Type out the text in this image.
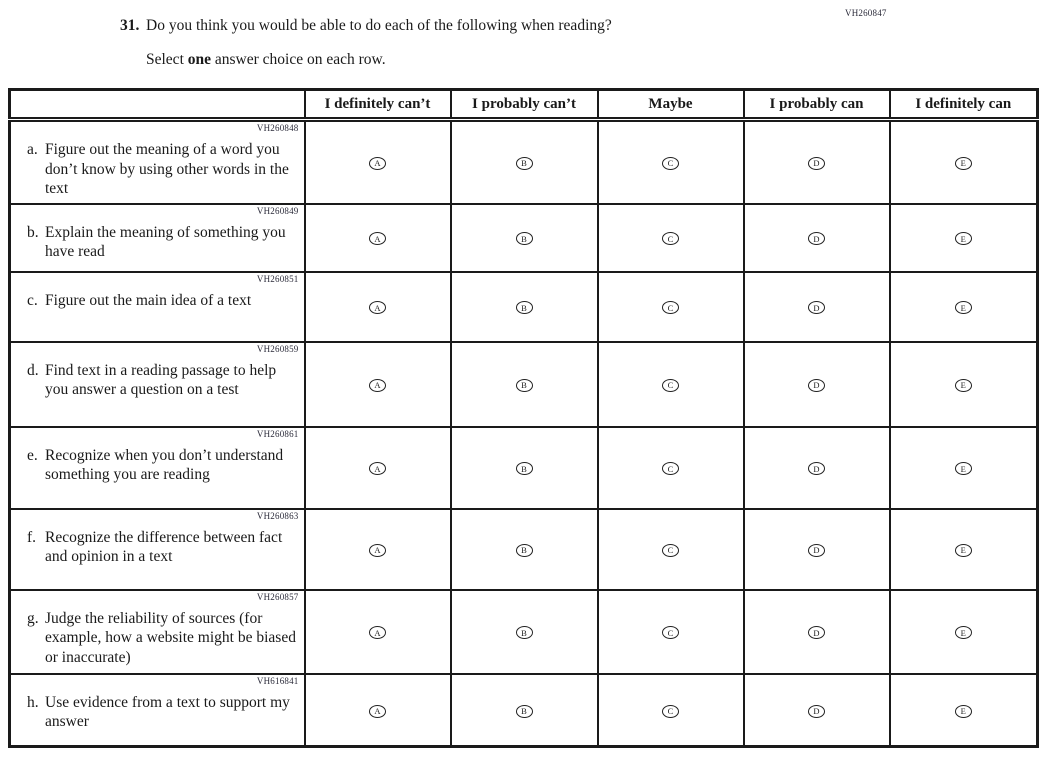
VH260847
31. Do you think you would be able to do each of the following when reading?
Select one answer choice on each row.
	I definitely can’t	I probably can’t	Maybe	I probably can	I definitely can

VH260848
a. Figure out the meaning of a word you don’t know by using other words in the text	A	B	C	D	E

VH260849
b. Explain the meaning of something you have read	A	B	C	D	E

VH260851
c. Figure out the main idea of a text	A	B	C	D	E

VH260859
d. Find text in a reading passage to help you answer a question on a test	A	B	C	D	E

VH260861
e. Recognize when you don’t understand something you are reading	A	B	C	D	E

VH260863
f. Recognize the difference between fact and opinion in a text	A	B	C	D	E

VH260857
g. Judge the reliability of sources (for example, how a website might be biased or inaccurate)	A	B	C	D	E

VH616841
h. Use evidence from a text to support my answer	A	B	C	D	E
